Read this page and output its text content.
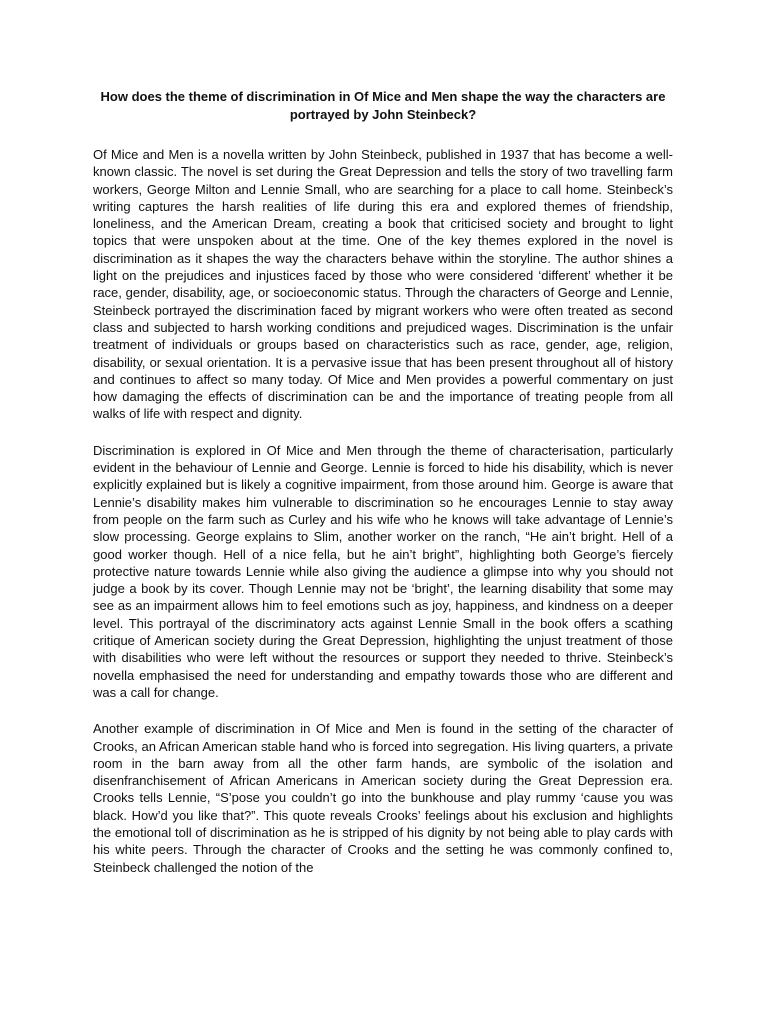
How does the theme of discrimination in Of Mice and Men shape the way the characters are portrayed by John Steinbeck?

Of Mice and Men is a novella written by John Steinbeck, published in 1937 that has become a well-known classic. The novel is set during the Great Depression and tells the story of two travelling farm workers, George Milton and Lennie Small, who are searching for a place to call home. Steinbeck’s writing captures the harsh realities of life during this era and explored themes of friendship, loneliness, and the American Dream, creating a book that criticised society and brought to light topics that were unspoken about at the time. One of the key themes explored in the novel is discrimination as it shapes the way the characters behave within the storyline. The author shines a light on the prejudices and injustices faced by those who were considered ‘different’ whether it be race, gender, disability, age, or socioeconomic status. Through the characters of George and Lennie, Steinbeck portrayed the discrimination faced by migrant workers who were often treated as second class and subjected to harsh working conditions and prejudiced wages. Discrimination is the unfair treatment of individuals or groups based on characteristics such as race, gender, age, religion, disability, or sexual orientation. It is a pervasive issue that has been present throughout all of history and continues to affect so many today. Of Mice and Men provides a powerful commentary on just how damaging the effects of discrimination can be and the importance of treating people from all walks of life with respect and dignity.

Discrimination is explored in Of Mice and Men through the theme of characterisation, particularly evident in the behaviour of Lennie and George. Lennie is forced to hide his disability, which is never explicitly explained but is likely a cognitive impairment, from those around him. George is aware that Lennie’s disability makes him vulnerable to discrimination so he encourages Lennie to stay away from people on the farm such as Curley and his wife who he knows will take advantage of Lennie’s slow processing. George explains to Slim, another worker on the ranch, “He ain’t bright. Hell of a good worker though. Hell of a nice fella, but he ain’t bright”, highlighting both George’s fiercely protective nature towards Lennie while also giving the audience a glimpse into why you should not judge a book by its cover. Though Lennie may not be ‘bright’, the learning disability that some may see as an impairment allows him to feel emotions such as joy, happiness, and kindness on a deeper level. This portrayal of the discriminatory acts against Lennie Small in the book offers a scathing critique of American society during the Great Depression, highlighting the unjust treatment of those with disabilities who were left without the resources or support they needed to thrive. Steinbeck’s novella emphasised the need for understanding and empathy towards those who are different and was a call for change.

Another example of discrimination in Of Mice and Men is found in the setting of the character of Crooks, an African American stable hand who is forced into segregation. His living quarters, a private room in the barn away from all the other farm hands, are symbolic of the isolation and disenfranchisement of African Americans in American society during the Great Depression era. Crooks tells Lennie, “S’pose you couldn’t go into the bunkhouse and play rummy ‘cause you was black. How’d you like that?”. This quote reveals Crooks’ feelings about his exclusion and highlights the emotional toll of discrimination as he is stripped of his dignity by not being able to play cards with his white peers. Through the character of Crooks and the setting he was commonly confined to, Steinbeck challenged the notion of the
